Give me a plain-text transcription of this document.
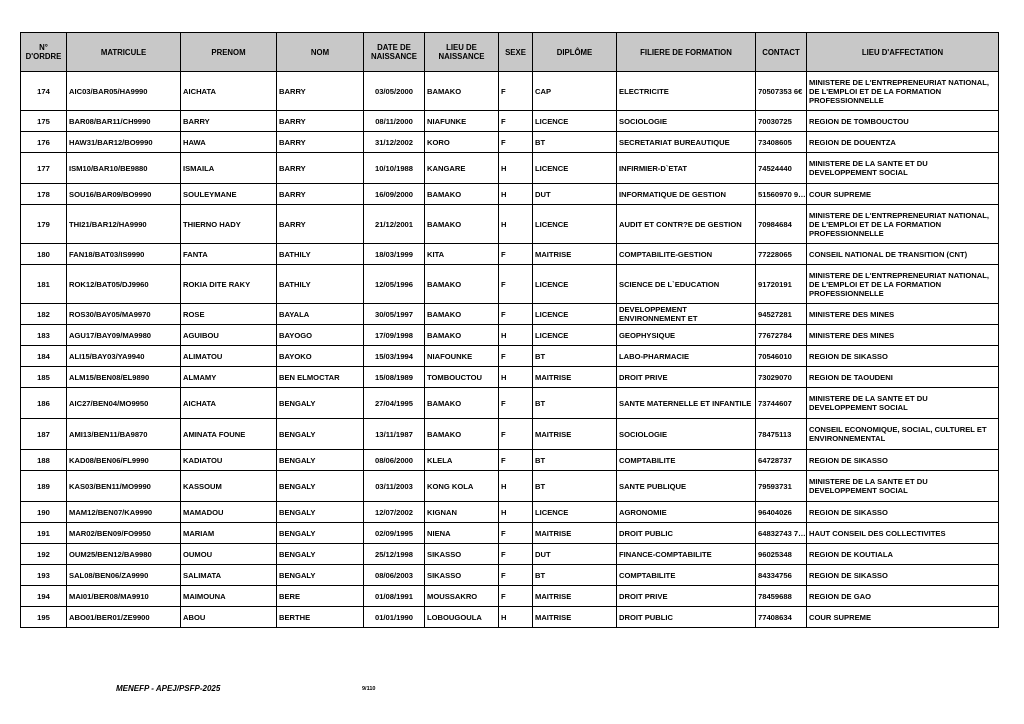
N° D'ORDRE	MATRICULE	PRENOM	NOM	DATE DE NAISSANCE	LIEU DE NAISSANCE	SEXE	DIPLÔME	FILIERE DE FORMATION	CONTACT	LIEU D'AFFECTATION
174	AIC03/BAR05/HA9990	AICHATA	BARRY	03/05/2000	BAMAKO	F	CAP	ELECTRICITE	70507353 6€	MINISTERE DE L'ENTREPRENEURIAT NATIONAL, DE L'EMPLOI ET DE LA FORMATION PROFESSIONNELLE
175	BAR08/BAR11/CH9990	BARRY	BARRY	08/11/2000	NIAFUNKE	F	LICENCE	SOCIOLOGIE	70030725	REGION DE TOMBOUCTOU
176	HAW31/BAR12/BO9990	HAWA	BARRY	31/12/2002	KORO	F	BT	SECRETARIAT BUREAUTIQUE	73408605	REGION DE DOUENTZA
177	ISM10/BAR10/BE9880	ISMAILA	BARRY	10/10/1988	KANGARE	H	LICENCE	INFIRMIER-D`ETAT	74524440	MINISTERE DE LA SANTE ET DU DEVELOPPEMENT SOCIAL
178	SOU16/BAR09/BO9990	SOULEYMANE	BARRY	16/09/2000	BAMAKO	H	DUT	INFORMATIQUE DE GESTION	51560970 9…	COUR SUPREME
179	THI21/BAR12/HA9990	THIERNO HADY	BARRY	21/12/2001	BAMAKO	H	LICENCE	AUDIT ET CONTR?E DE GESTION	70984684	MINISTERE DE L'ENTREPRENEURIAT NATIONAL, DE L'EMPLOI ET DE LA FORMATION PROFESSIONNELLE
180	FAN18/BAT03/IS9990	FANTA	BATHILY	18/03/1999	KITA	F	MAITRISE	COMPTABILITE-GESTION	77228065	CONSEIL NATIONAL DE TRANSITION (CNT)
181	ROK12/BAT05/DJ9960	ROKIA DITE RAKY	BATHILY	12/05/1996	BAMAKO	F	LICENCE	SCIENCE DE L`EDUCATION	91720191	MINISTERE DE L'ENTREPRENEURIAT NATIONAL, DE L'EMPLOI ET DE LA FORMATION PROFESSIONNELLE
182	ROS30/BAY05/MA9970	ROSE	BAYALA	30/05/1997	BAMAKO	F	LICENCE	DEVELOPPEMENT ENVIRONNEMENT ET	94527281	MINISTERE DES MINES
183	AGU17/BAY09/MA9980	AGUIBOU	BAYOGO	17/09/1998	BAMAKO	H	LICENCE	GEOPHYSIQUE	77672784	MINISTERE DES MINES
184	ALI15/BAY03/YA9940	ALIMATOU	BAYOKO	15/03/1994	NIAFOUNKE	F	BT	LABO-PHARMACIE	70546010	REGION DE SIKASSO
185	ALM15/BEN08/EL9890	ALMAMY	BEN ELMOCTAR	15/08/1989	TOMBOUCTOU	H	MAITRISE	DROIT PRIVE	73029070	REGION DE TAOUDENI
186	AIC27/BEN04/MO9950	AICHATA	BENGALY	27/04/1995	BAMAKO	F	BT	SANTE MATERNELLE ET INFANTILE	73744607	MINISTERE DE LA SANTE ET DU DEVELOPPEMENT SOCIAL
187	AMI13/BEN11/BA9870	AMINATA FOUNE	BENGALY	13/11/1987	BAMAKO	F	MAITRISE	SOCIOLOGIE	78475113	CONSEIL ECONOMIQUE, SOCIAL, CULTUREL ET ENVIRONNEMENTAL
188	KAD08/BEN06/FL9990	KADIATOU	BENGALY	08/06/2000	KLELA	F	BT	COMPTABILITE	64728737	REGION DE SIKASSO
189	KAS03/BEN11/MO9990	KASSOUM	BENGALY	03/11/2003	KONG KOLA	H	BT	SANTE PUBLIQUE	79593731	MINISTERE DE LA SANTE ET DU DEVELOPPEMENT SOCIAL
190	MAM12/BEN07/KA9990	MAMADOU	BENGALY	12/07/2002	KIGNAN	H	LICENCE	AGRONOMIE	96404026	REGION DE SIKASSO
191	MAR02/BEN09/FO9950	MARIAM	BENGALY	02/09/1995	NIENA	F	MAITRISE	DROIT PUBLIC	64832743 7…	HAUT CONSEIL DES COLLECTIVITES
192	OUM25/BEN12/BA9980	OUMOU	BENGALY	25/12/1998	SIKASSO	F	DUT	FINANCE-COMPTABILITE	96025348	REGION DE KOUTIALA
193	SAL08/BEN06/ZA9990	SALIMATA	BENGALY	08/06/2003	SIKASSO	F	BT	COMPTABILITE	84334756	REGION DE SIKASSO
194	MAI01/BER08/MA9910	MAIMOUNA	BERE	01/08/1991	MOUSSAKRO	F	MAITRISE	DROIT PRIVE	78459688	REGION DE GAO
195	ABO01/BER01/ZE9900	ABOU	BERTHE	01/01/1990	LOBOUGOULA	H	MAITRISE	DROIT PUBLIC	77408634	COUR SUPREME
MENEFP - APEJ/PSFP-2025	9/110
